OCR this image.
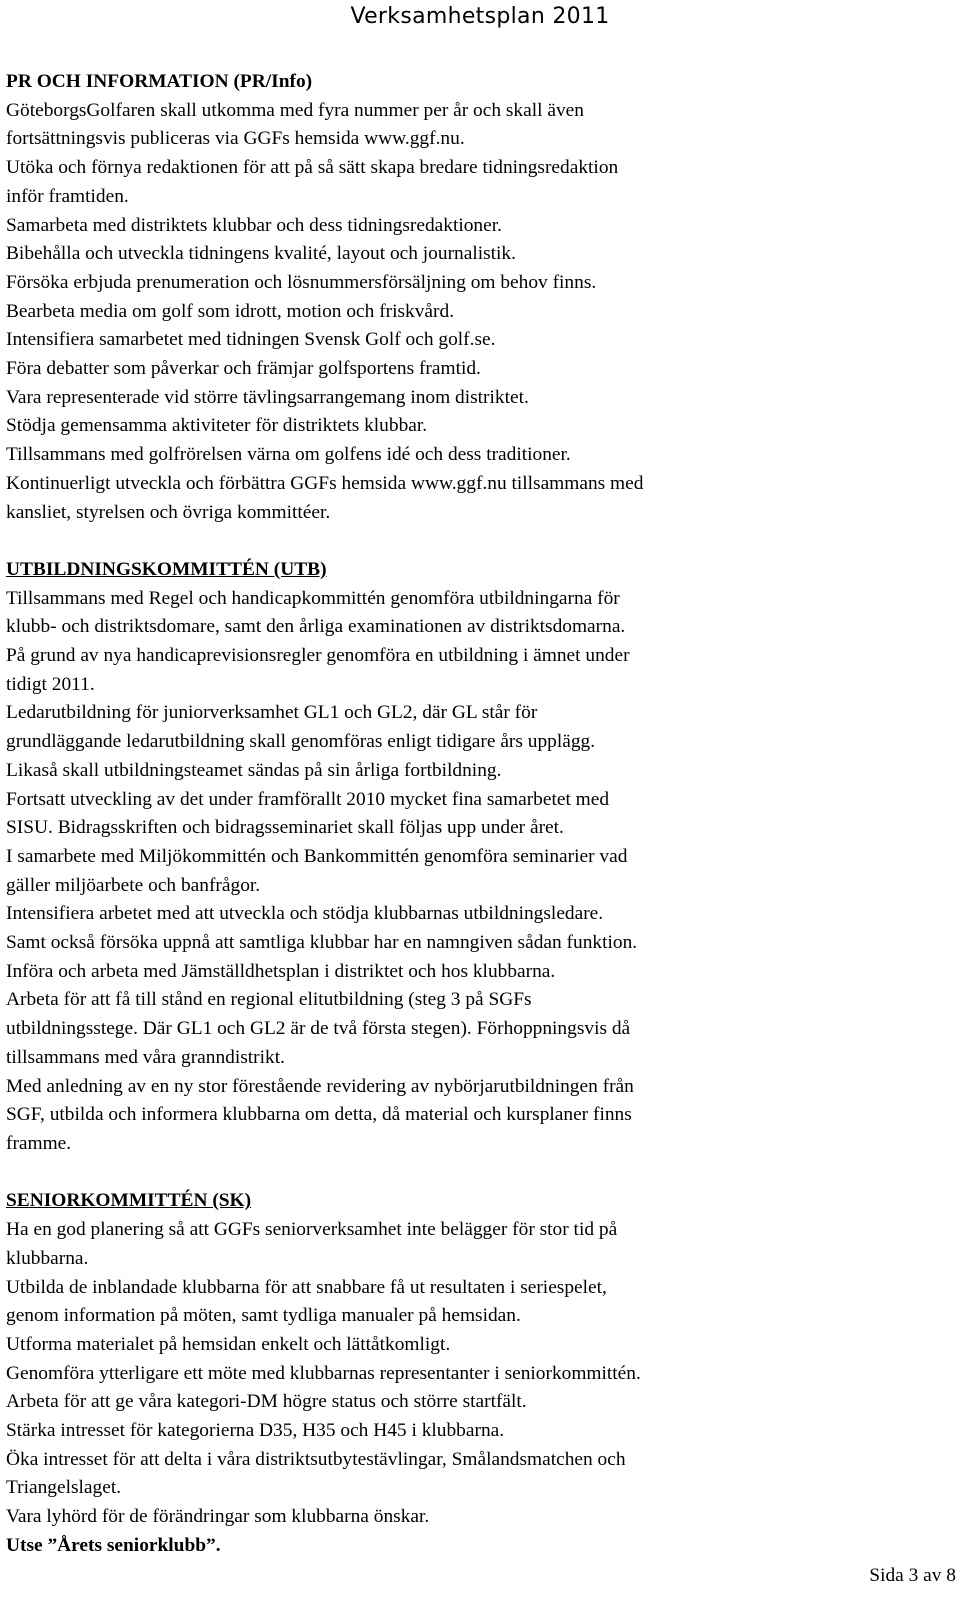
Verksamhetsplan 2011
PR OCH INFORMATION (PR/Info)
GöteborgsGolfaren skall utkomma med fyra nummer per år och skall även
fortsättningsvis publiceras via GGFs hemsida www.ggf.nu.
Utöka och förnya redaktionen för att på så sätt skapa bredare tidningsredaktion
inför framtiden.
Samarbeta med distriktets klubbar och dess tidningsredaktioner.
Bibehålla och utveckla tidningens kvalité, layout och journalistik.
Försöka erbjuda prenumeration och lösnummersförsäljning om behov finns.
Bearbeta media om golf som idrott, motion och friskvård.
Intensifiera samarbetet med tidningen Svensk Golf och golf.se.
Föra debatter som påverkar och främjar golfsportens framtid.
Vara representerade vid större tävlingsarrangemang inom distriktet.
Stödja gemensamma aktiviteter för distriktets klubbar.
Tillsammans med golfrörelsen värna om golfens idé och dess traditioner.
Kontinuerligt utveckla och förbättra GGFs hemsida www.ggf.nu tillsammans med
kansliet, styrelsen och övriga kommittéer.
UTBILDNINGSKOMMITTÉN (UTB)
Tillsammans med Regel och handicapkommittén genomföra utbildningarna för
klubb- och distriktsdomare, samt den årliga examinationen av distriktsdomarna.
På grund av nya handicaprevisionsregler genomföra en utbildning i ämnet under
tidigt 2011.
Ledarutbildning för juniorverksamhet GL1 och GL2, där GL står för
grundläggande ledarutbildning skall genomföras enligt tidigare års upplägg.
Likaså skall utbildningsteamet sändas på sin årliga fortbildning.
Fortsatt utveckling av det under framförallt 2010 mycket fina samarbetet med
SISU. Bidragsskriften och bidragsseminariet skall följas upp under året.
I samarbete med Miljökommittén och Bankommittén genomföra seminarier vad
gäller miljöarbete och banfrågor.
Intensifiera arbetet med att utveckla och stödja klubbarnas utbildningsledare.
Samt också försöka uppnå att samtliga klubbar har en namngiven sådan funktion.
Införa och arbeta med Jämställdhetsplan i distriktet och hos klubbarna.
Arbeta för att få till stånd en regional elitutbildning (steg 3 på SGFs
utbildningsstege. Där GL1 och GL2 är de två första stegen). Förhoppningsvis då
tillsammans med våra granndistrikt.
Med anledning av en ny stor förestående revidering av nybörjarutbildningen från
SGF, utbilda och informera klubbarna om detta, då material och kursplaner finns
framme.
SENIORKOMMITTÉN (SK)
Ha en god planering så att GGFs seniorverksamhet inte belägger för stor tid på
klubbarna.
Utbilda de inblandade klubbarna för att snabbare få ut resultaten i seriespelet,
genom information på möten, samt tydliga manualer på hemsidan.
Utforma materialet på hemsidan enkelt och lättåtkomligt.
Genomföra ytterligare ett möte med klubbarnas representanter i seniorkommittén.
Arbeta för att ge våra kategori-DM högre status och större startfält.
Stärka intresset för kategorierna D35, H35 och H45 i klubbarna.
Öka intresset för att delta i våra distriktsutbytestävlingar, Smålandsmatchen och
Triangelslaget.
Vara lyhörd för de förändringar som klubbarna önskar.
Utse ”Årets seniorklubb”.
Sida 3 av 8
